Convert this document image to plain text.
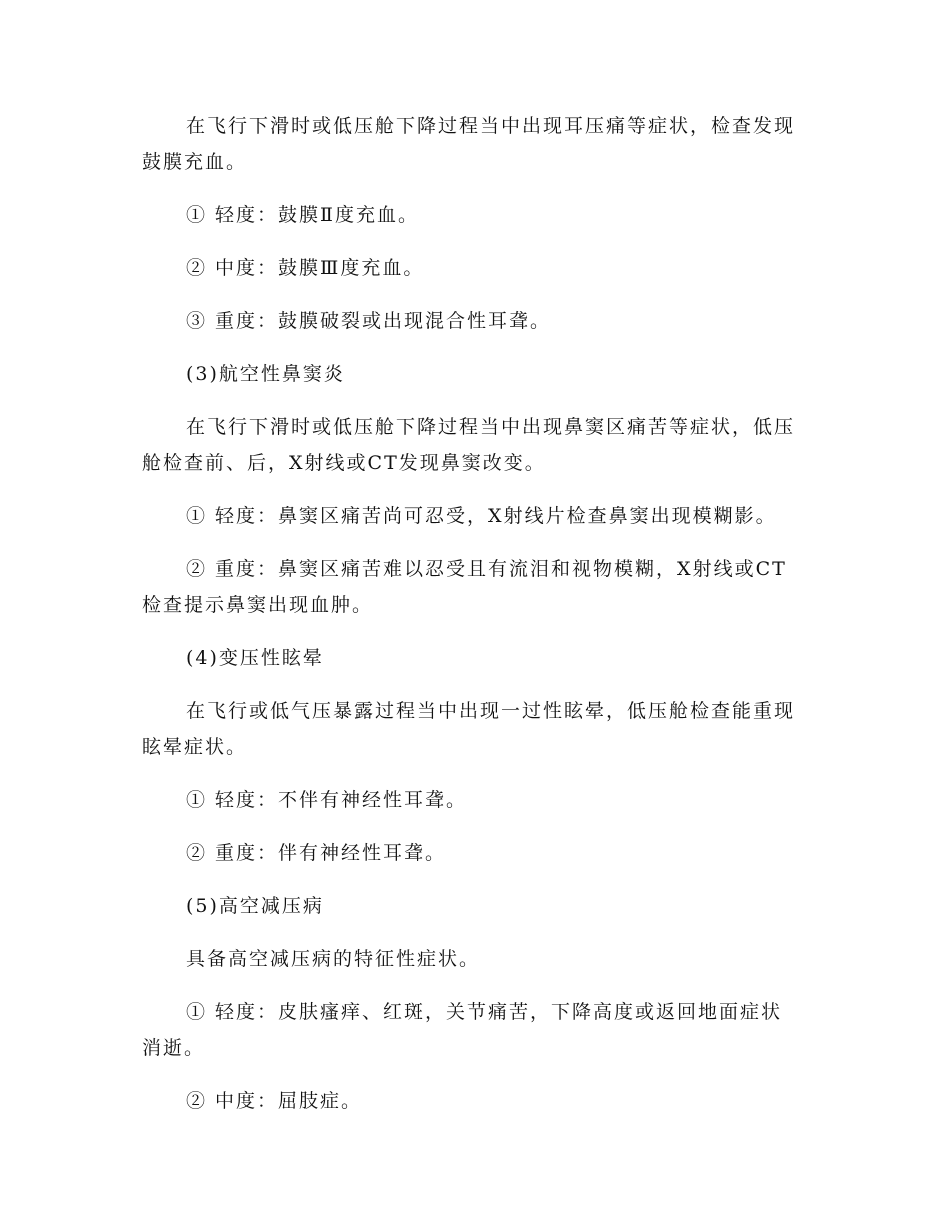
在飞行下滑时或低压舱下降过程当中出现耳压痛等症状，检查发现鼓膜充血。

① 轻度：鼓膜Ⅱ度充血。

② 中度：鼓膜Ⅲ度充血。

③ 重度：鼓膜破裂或出现混合性耳聋。

(3)航空性鼻窦炎

在飞行下滑时或低压舱下降过程当中出现鼻窦区痛苦等症状，低压舱检查前、后，X射线或CT发现鼻窦改变。

① 轻度：鼻窦区痛苦尚可忍受，X射线片检查鼻窦出现模糊影。

② 重度：鼻窦区痛苦难以忍受且有流泪和视物模糊，X射线或CT检查提示鼻窦出现血肿。

(4)变压性眩晕

在飞行或低气压暴露过程当中出现一过性眩晕，低压舱检查能重现眩晕症状。

① 轻度：不伴有神经性耳聋。

② 重度：伴有神经性耳聋。

(5)高空减压病

具备高空减压病的特征性症状。

① 轻度：皮肤瘙痒、红斑，关节痛苦，下降高度或返回地面症状消逝。

② 中度：屈肢症。
